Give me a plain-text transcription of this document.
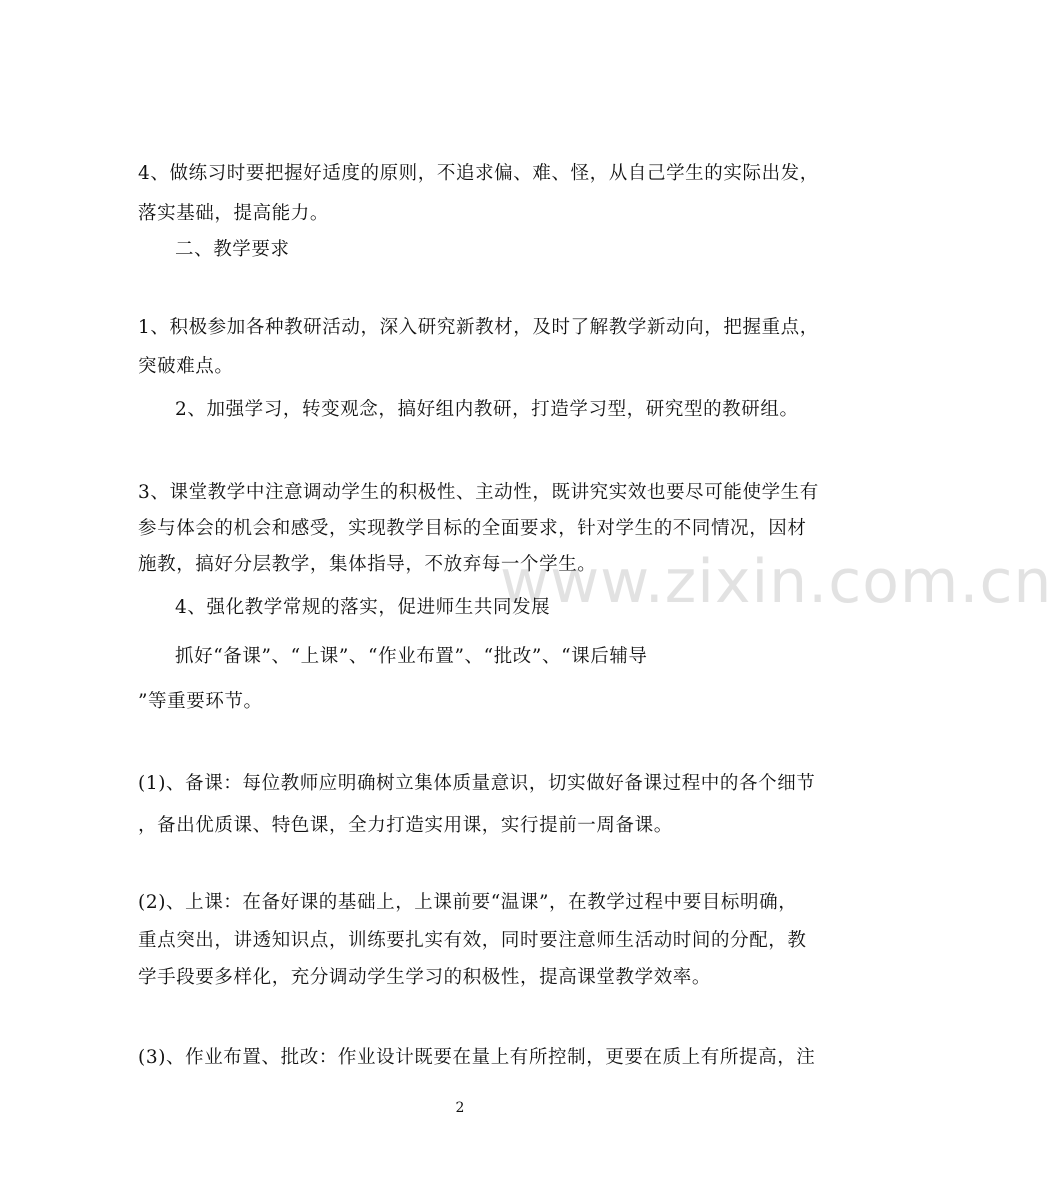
www.zixin.com.cn
4、做练习时要把握好适度的原则，不追求偏、难、怪，从自己学生的实际出发，
落实基础，提高能力。
二、教学要求
1、积极参加各种教研活动，深入研究新教材，及时了解教学新动向，把握重点，
突破难点。
2、加强学习，转变观念，搞好组内教研，打造学习型，研究型的教研组。
3、课堂教学中注意调动学生的积极性、主动性，既讲究实效也要尽可能使学生有
参与体会的机会和感受，实现教学目标的全面要求，针对学生的不同情况，因材
施教，搞好分层教学，集体指导，不放弃每一个学生。
4、强化教学常规的落实，促进师生共同发展
抓好“备课”、“上课”、“作业布置”、“批改”、“课后辅导
”等重要环节。
(1)、备课：每位教师应明确树立集体质量意识，切实做好备课过程中的各个细节
，备出优质课、特色课，全力打造实用课，实行提前一周备课。
(2)、上课：在备好课的基础上，上课前要“温课”，在教学过程中要目标明确，
重点突出，讲透知识点，训练要扎实有效，同时要注意师生活动时间的分配，教
学手段要多样化，充分调动学生学习的积极性，提高课堂教学效率。
(3)、作业布置、批改：作业设计既要在量上有所控制，更要在质上有所提高，注
2
